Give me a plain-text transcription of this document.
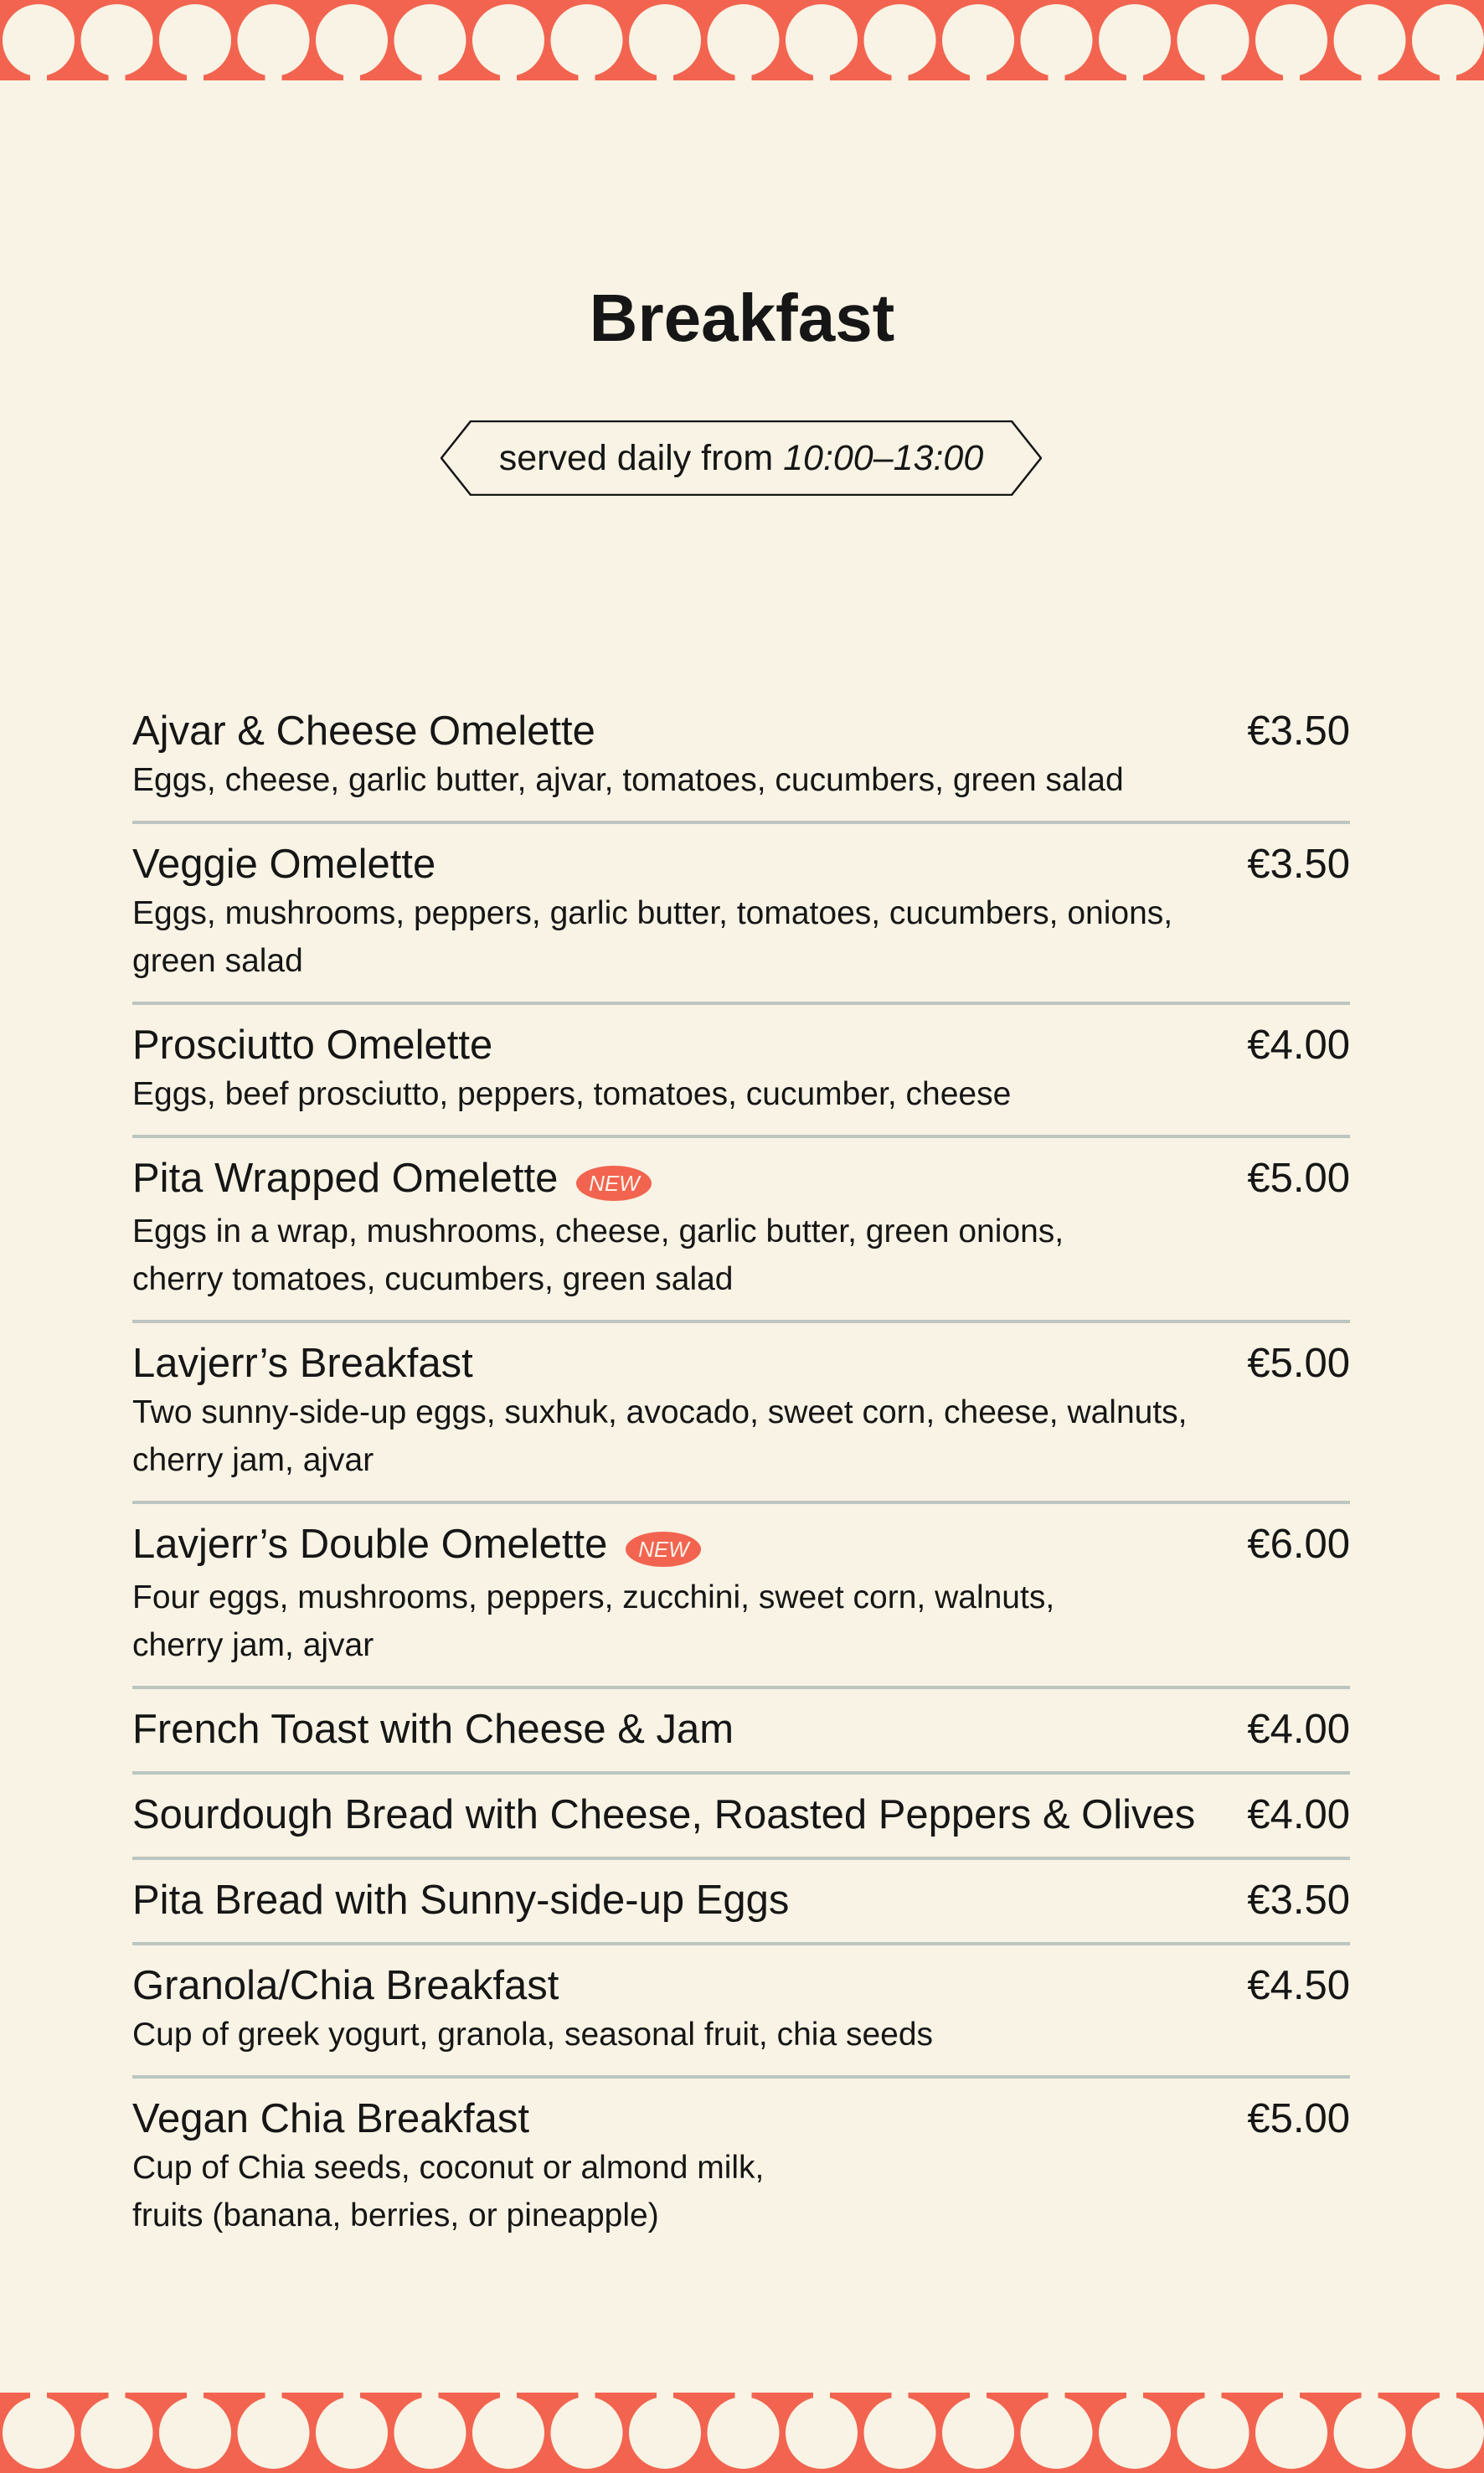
Breakfast
served daily from 10:00–13:00
Ajvar & Cheese Omelette	€3.50
Eggs, cheese, garlic butter, ajvar, tomatoes, cucumbers, green salad
Veggie Omelette	€3.50
Eggs, mushrooms, peppers, garlic butter, tomatoes, cucumbers, onions,
green salad
Prosciutto Omelette	€4.00
Eggs, beef prosciutto, peppers, tomatoes, cucumber, cheese
Pita Wrapped Omelette	NEW	€5.00
Eggs in a wrap, mushrooms, cheese, garlic butter, green onions,
cherry tomatoes, cucumbers, green salad
Lavjerr’s Breakfast	€5.00
Two sunny-side-up eggs, suxhuk, avocado, sweet corn, cheese, walnuts,
cherry jam, ajvar
Lavjerr’s Double Omelette	NEW	€6.00
Four eggs, mushrooms, peppers, zucchini, sweet corn, walnuts,
cherry jam, ajvar
French Toast with Cheese & Jam	€4.00
Sourdough Bread with Cheese, Roasted Peppers & Olives €4.00
Pita Bread with Sunny-side-up Eggs	€3.50
Granola/Chia Breakfast	€4.50
Cup of greek yogurt, granola, seasonal fruit, chia seeds
Vegan Chia Breakfast	€5.00
Cup of Chia seeds, coconut or almond milk,
fruits (banana, berries, or pineapple)
